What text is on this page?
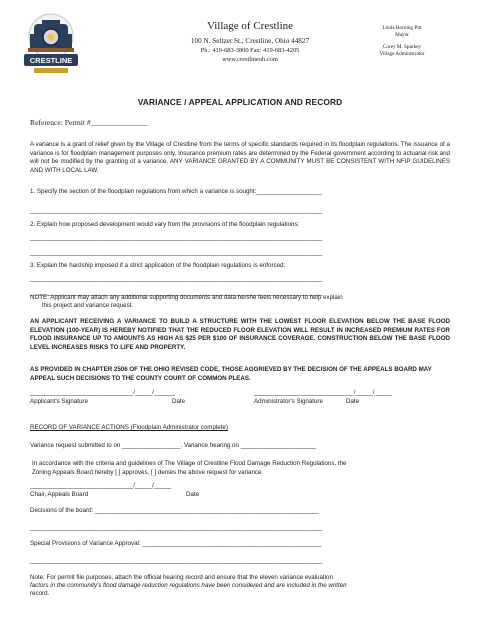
CRESTLINE
Village of Crestline
100 N. Seltzer St., Crestline, Ohio 44827
Ph.: 419-683-3800 Fax: 419-683-4205
www.crestlineoh.com
Linda Horning Pitt
Mayor
Corey M. Sparkey
Village Administrator
VARIANCE / APPEAL APPLICATION AND RECORD
Reference: Permit #_______________
A variance is a grant of relief given by the Village of Crestline from the terms of specific standards required in its floodplain regulations. The issuance of a variance is for floodplain management purposes only. Insurance premium rates are determined by the Federal government according to actuarial risk and will not be modified by the granting of a variance. ANY VARIANCE GRANTED BY A COMMUNITY MUST BE CONSISTENT WITH NFIP GUIDELINES AND WITH LOCAL LAW.
1. Specify the section of the floodplain regulations from which a variance is sought:___________________
_____________________________________________________________________________________
2. Explain how proposed development would vary from the provisions of the floodplain regulations:
_____________________________________________________________________________________
_____________________________________________________________________________________
3. Explain the hardship imposed if a strict application of the floodplain regulations is enforced:
_____________________________________________________________________________________
_____________________________________________________________________________________
NOTE: Applicant may attach any additional supporting documents and data he/she feels necessary to help explain
this project and variance request.
AN APPLICANT RECEIVING A VARIANCE TO BUILD A STRUCTURE WITH THE LOWEST FLOOR ELEVATION BELOW THE BASE FLOOD ELEVATION (100-YEAR) IS HEREBY NOTIFIED THAT THE REDUCED FLOOR ELEVATION WILL RESULT IN INCREASED PREMIUM RATES FOR FLOOD INSURANCE UP TO AMOUNTS AS HIGH AS $25 PER $100 OF INSURANCE COVERAGE. CONSTRUCTION BELOW THE BASE FLOOD LEVEL INCREASES RISKS TO LIFE AND PROPERTY.
AS PROVIDED IN CHAPTER 2506 OF THE OHIO REVISED CODE, THOSE AGGRIEVED BY THE DECISION OF THE APPEALS BOARD MAY APPEAL SUCH DECISIONS TO THE COUNTY COURT OF COMMON PLEAS.
______________________________/_____/______	_____________________________/_____/_____
Applicant's Signature	Date	Administrator's Signature	Date
RECORD OF VARIANCE ACTIONS (Floodplain Administrator complete)
Variance request submitted to on _________________. Variance hearing on ______________________
In accordance with the criteria and guidelines of The Village of Crestline Flood Damage Reduction Regulations, the
Zoning Appeals Board hereby [ ] approves, [ ] denies the above request for variance.
______________________________/_____/_____
Chair, Appeals Board	Date
Decisions of the board: _________________________________________________________________
_____________________________________________________________________________________
Special Provisions of Variance Approval: ____________________________________________________
_____________________________________________________________________________________
Note: For permit file purposes, attach the official hearing record and ensure that the eleven variance evaluation
factors in the community's flood damage reduction regulations have been considered and are included in the written
record.
